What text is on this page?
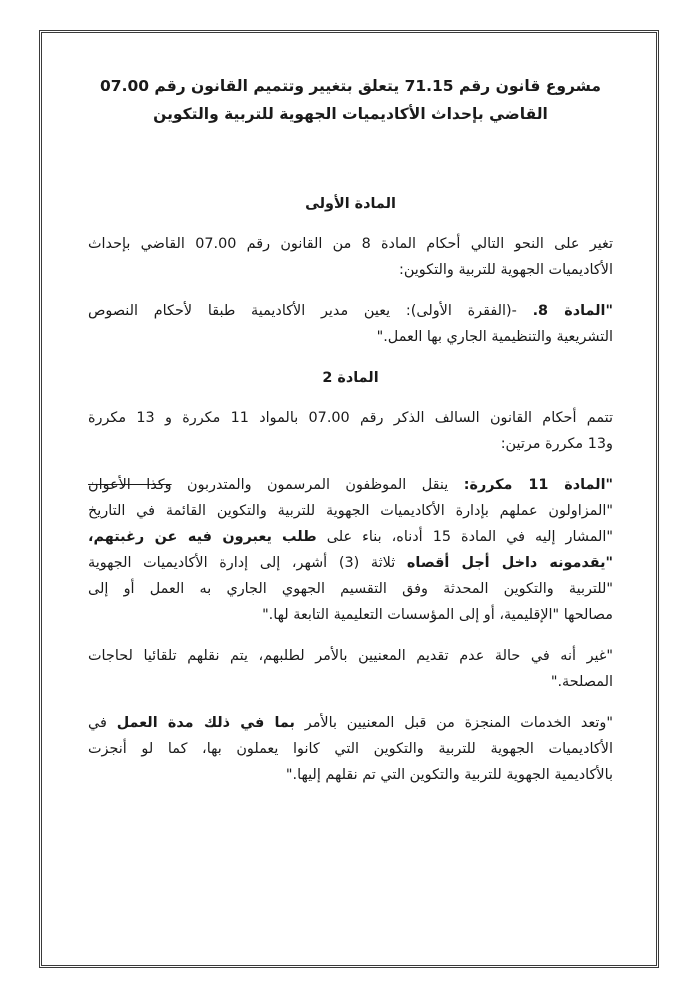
مشروع قانون رقم 71.15 يتعلق بتغيير وتتميم القانون رقم 07.00
القاضي بإحداث الأكاديميات الجهوية للتربية والتكوين
المادة الأولى
تغير على النحو التالي أحكام المادة 8 من القانون رقم 07.00 القاضي بإحداث
الأكاديميات الجهوية للتربية والتكوين:
"المادة 8. -(الفقرة الأولى): يعين مدير الأكاديمية طبقا لأحكام النصوص
التشريعية والتنظيمية الجاري بها العمل."
المادة 2
تتمم أحكام القانون السالف الذكر رقم 07.00 بالمواد 11 مكررة و 13 مكررة
و13 مكررة مرتين:
"المادة 11 مكررة: ينقل الموظفون المرسمون والمتدربون وكذا الأعوان
"المزاولون عملهم بإدارة الأكاديميات الجهوية للتربية والتكوين القائمة في التاريخ
"المشار إليه في المادة 15 أدناه، بناء على طلب يعبرون فيه عن رغبتهم،
"يقدمونه داخل أجل أقصاه ثلاثة (3) أشهر، إلى إدارة الأكاديميات الجهوية
"للتربية والتكوين المحدثة وفق التقسيم الجهوي الجاري به العمل أو إلى
مصالحها "الإقليمية، أو إلى المؤسسات التعليمية التابعة لها."
"غير أنه في حالة عدم تقديم المعنيين بالأمر لطلبهم، يتم نقلهم تلقائيا لحاجات
المصلحة."
"وتعد الخدمات المنجزة من قبل المعنيين بالأمر بما في ذلك مدة العمل في
الأكاديميات الجهوية للتربية والتكوين التي كانوا يعملون بها، كما لو أنجزت
بالأكاديمية الجهوية للتربية والتكوين التي تم نقلهم إليها."
